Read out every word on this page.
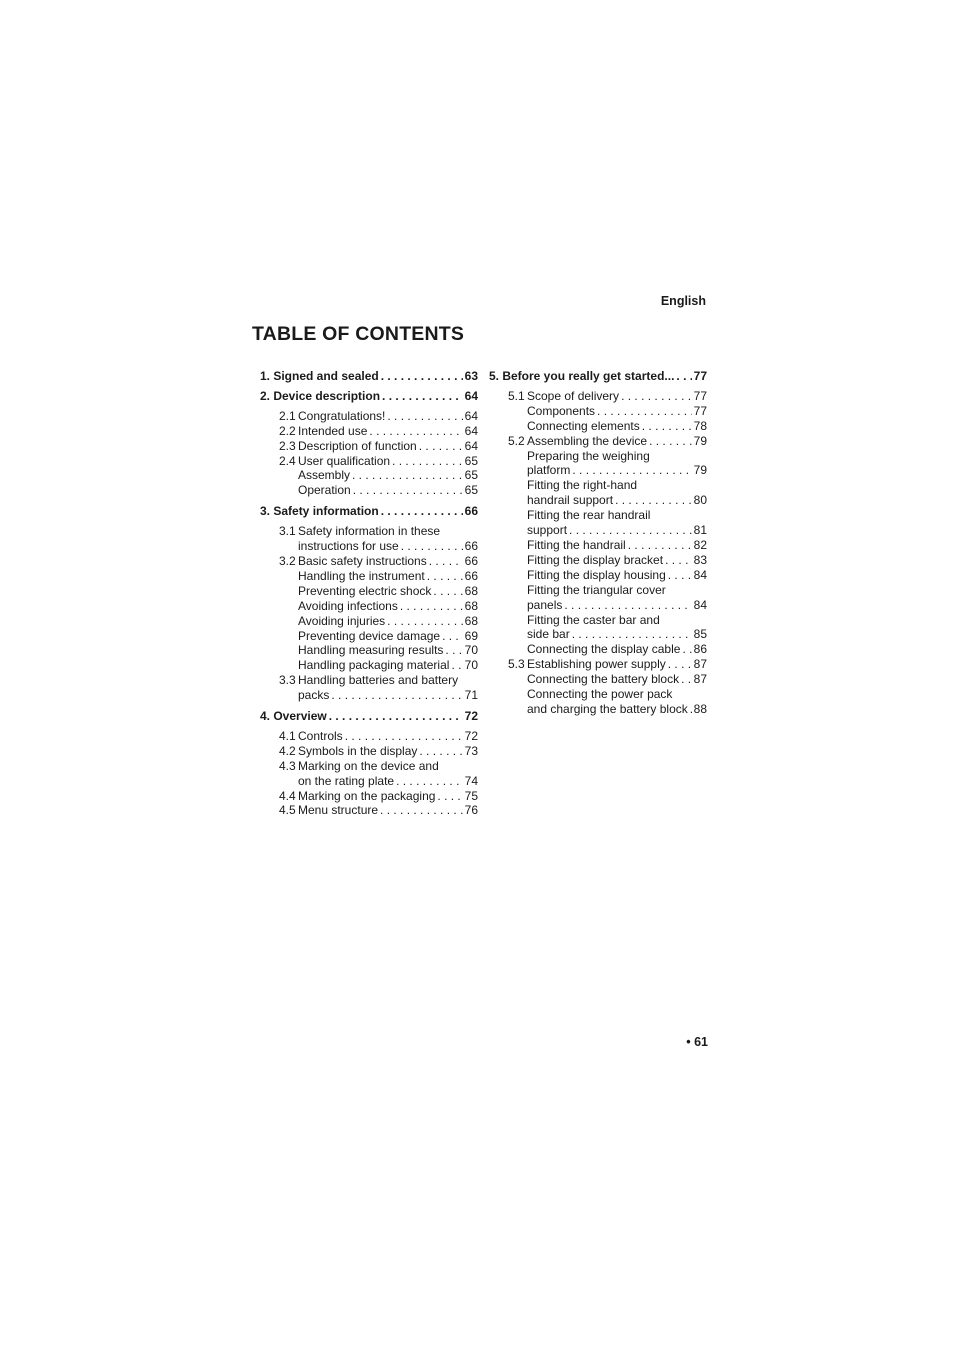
English
TABLE OF CONTENTS
1. Signed and sealed . . .	63
2. Device description . . .	64
2.1 Congratulations! . . .	64
2.2 Intended use . . .	64
2.3 Description of function . . .	64
2.4 User qualification . . .	65
Assembly . . .	65
Operation . . .	65
3. Safety information . . .	66
3.1 Safety information in these
instructions for use . . .	66
3.2 Basic safety instructions . . .	66
Handling the instrument . . .	66
Preventing electric shock . . .	68
Avoiding infections . . .	68
Avoiding injuries . . .	68
Preventing device damage . . . 69
Handling measuring results . . . 70
Handling packaging material . . . 70
3.3 Handling batteries and battery
packs . . .	71
4. Overview . . .	72
4.1 Controls . . .	72
4.2 Symbols in the display . . .	73
4.3 Marking on the device and
on the rating plate . . .	74
4.4 Marking on the packaging . . . 75
4.5 Menu structure . . .	76
5. Before you really get started... . . . 77
5.1 Scope of delivery . . .	77
Components . . .	77
Connecting elements . . .	78
5.2 Assembling the device . . .	79
Preparing the weighing
platform . . .	79
Fitting the right-hand
handrail support . . .	80
Fitting the rear handrail
support . . .	81
Fitting the handrail . . .	82
Fitting the display bracket . . .	83
Fitting the display housing . . . 84
Fitting the triangular cover
panels . . .	84
Fitting the caster bar and
side bar . . .	85
Connecting the display cable . . . 86
5.3 Establishing power supply . . . 87
Connecting the battery block . . . 87
Connecting the power pack
and charging the battery block . . . 88
• 61
